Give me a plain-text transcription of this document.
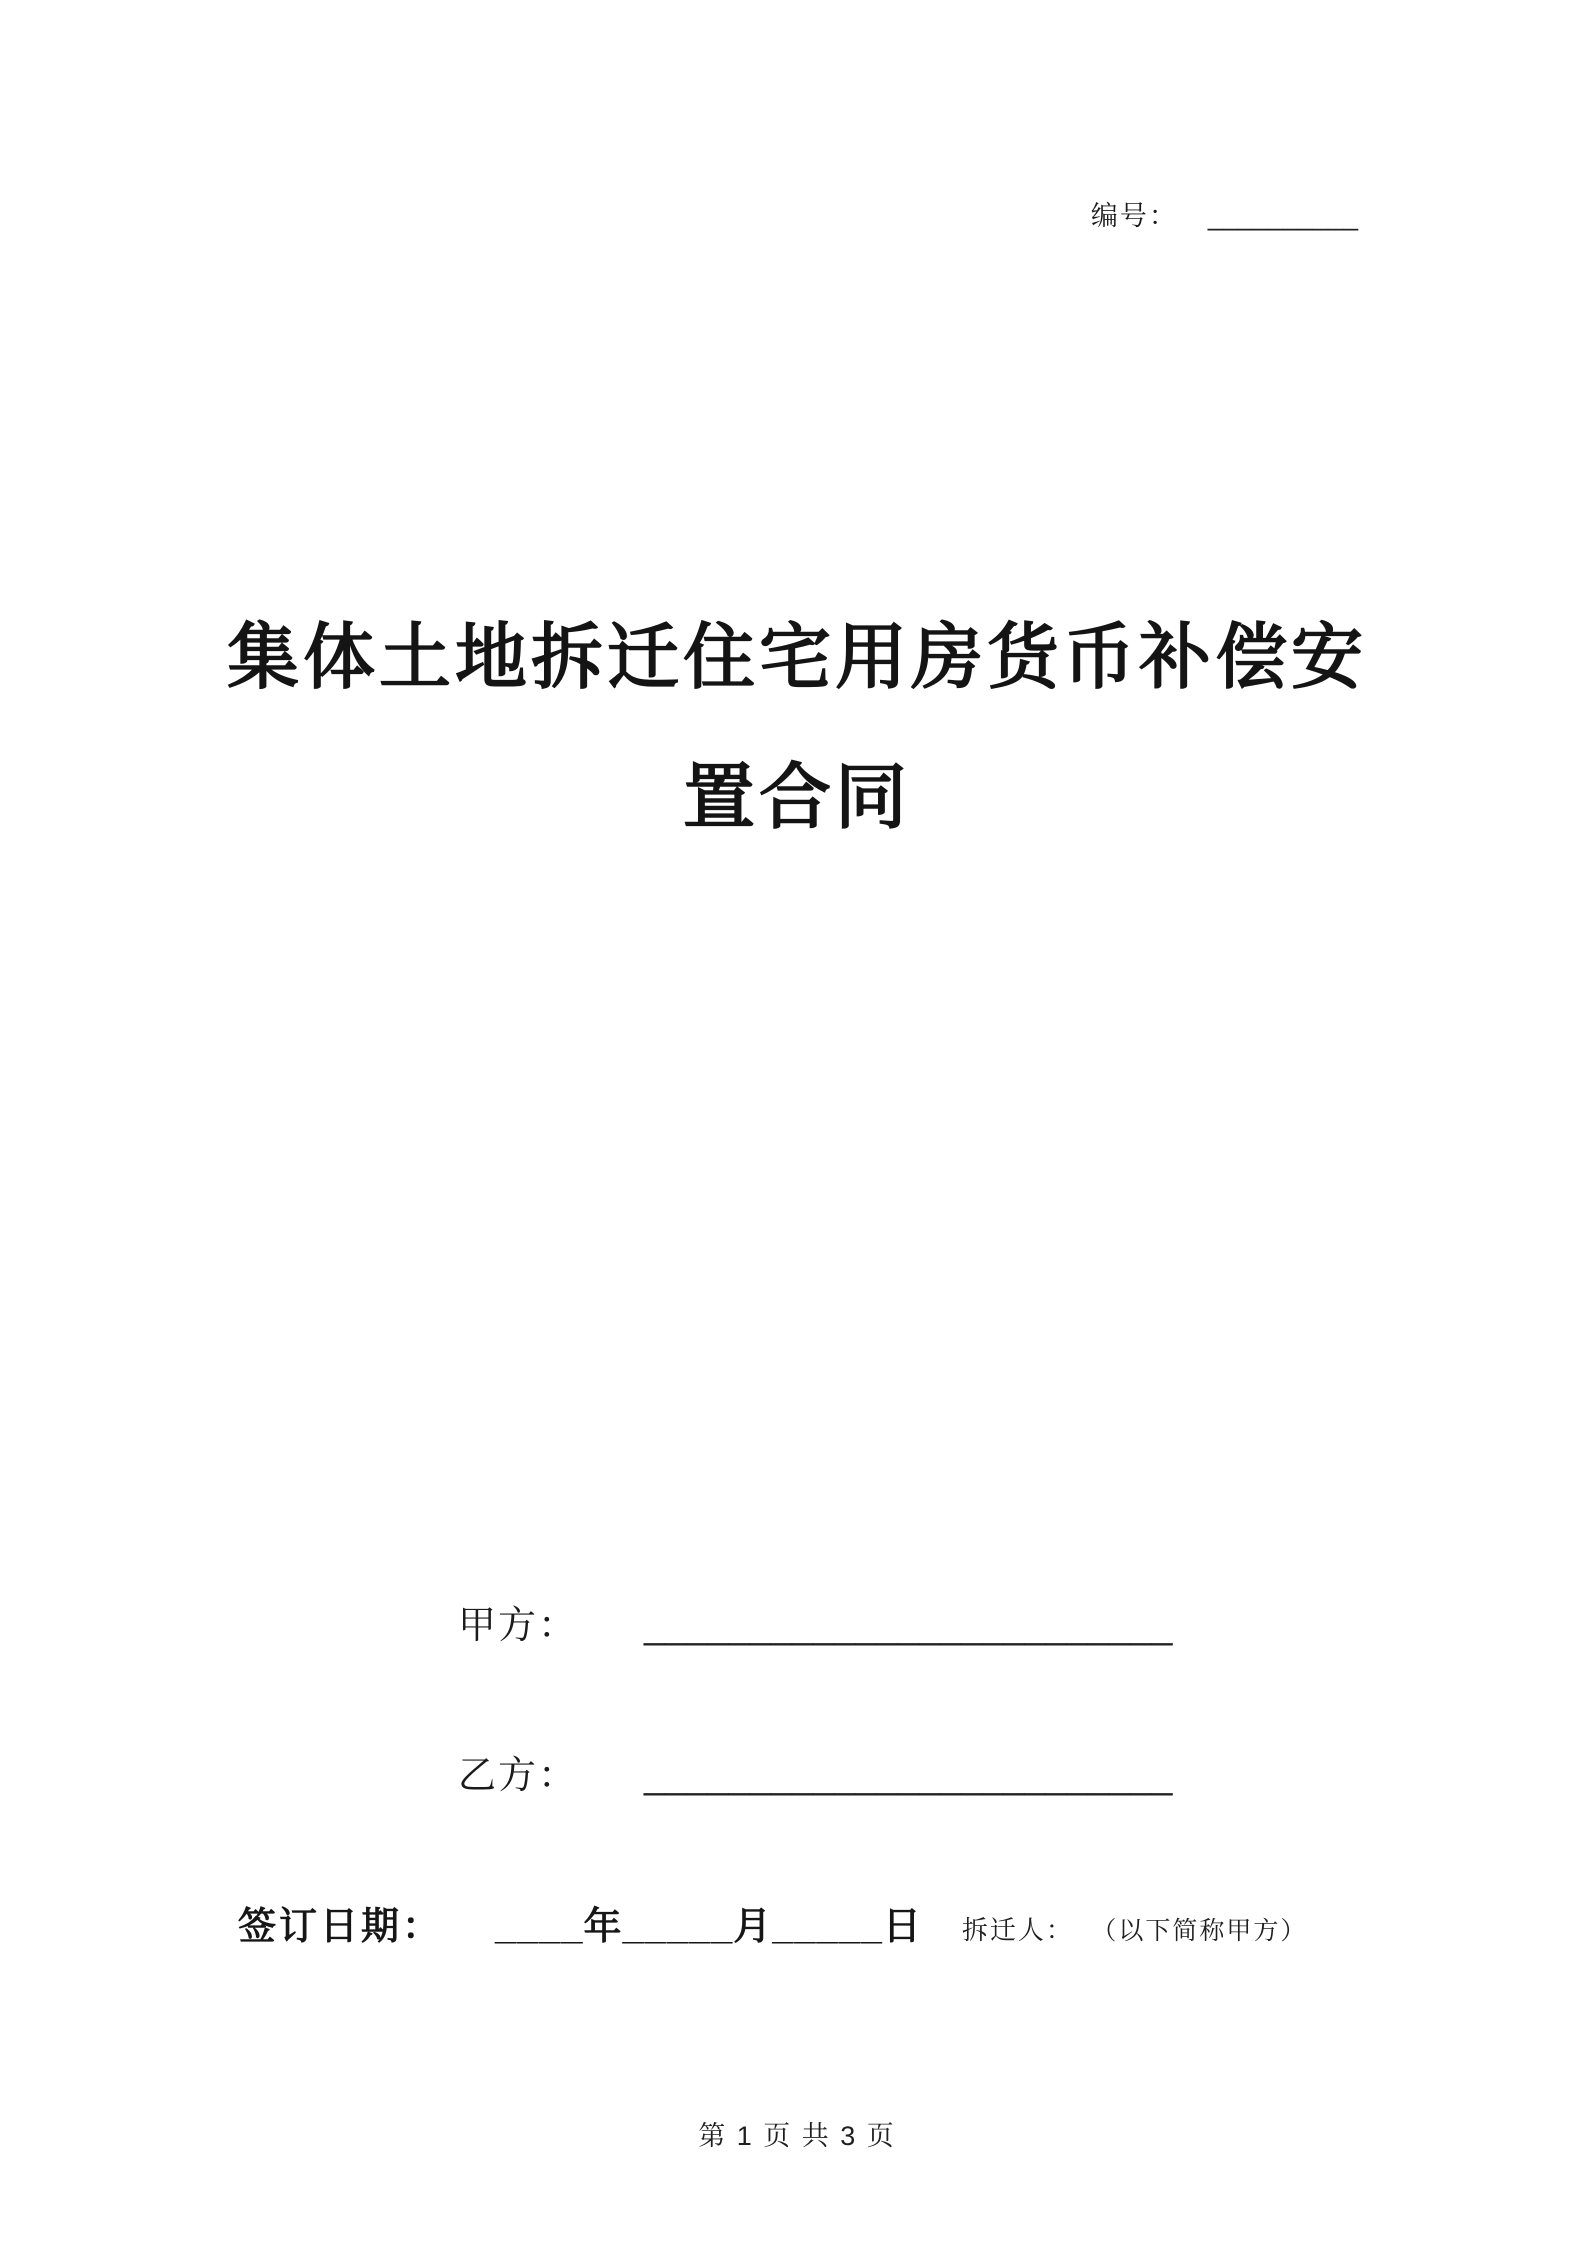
编号： __________
集体土地拆迁住宅用房货币补偿安
置合同
甲方： _________________________
乙方： _________________________
签订日期： ____年_____月_____日 拆迁人： （以下简称甲方）
第 1 页 共 3 页
